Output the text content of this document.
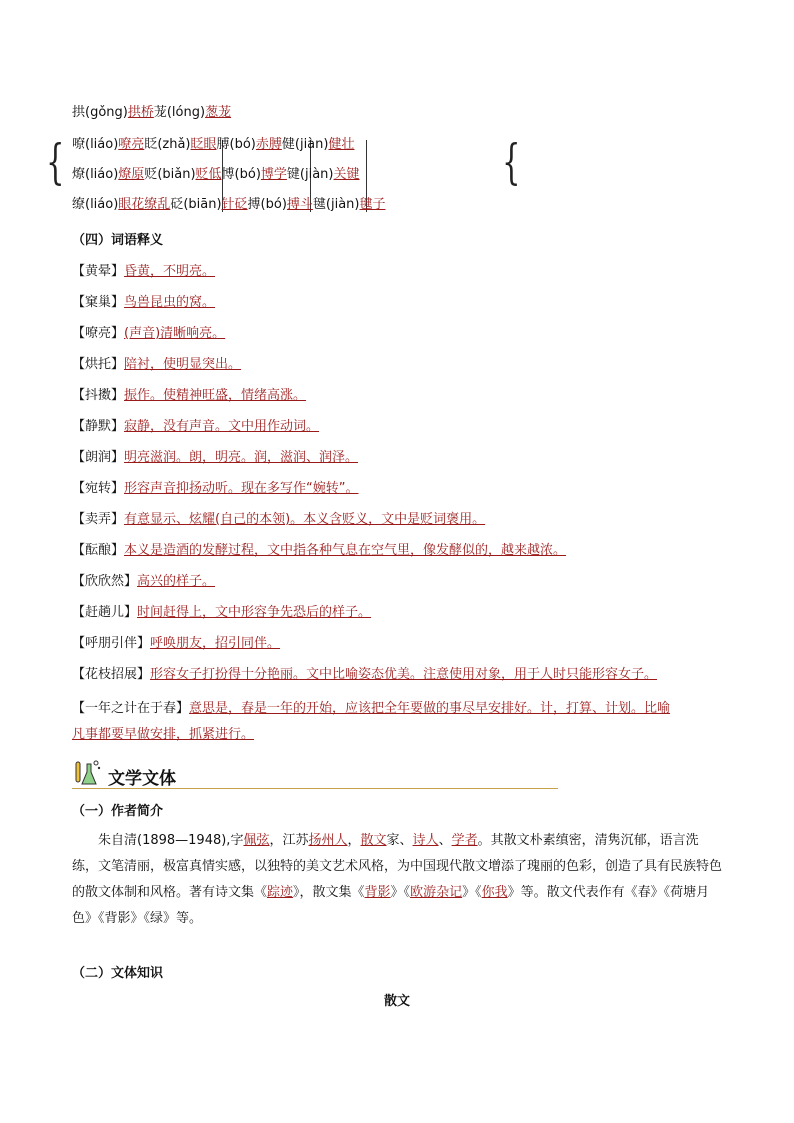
拱(gǒng)拱桥茏(lóng)葱茏
{	{
嘹(liáo)嘹亮眨(zhǎ)眨眼膊(bó)赤膊健(jiàn)健壮
燎(liáo)燎原贬(biǎn)贬低博(bó)博学键(jiàn)关键
缭(liáo)眼花缭乱砭(biān)针砭搏(bó)搏斗毽(jiàn)毽子
（四）词语释义
【黄晕】昏黄，不明亮。
【窠巢】鸟兽昆虫的窝。
【嘹亮】(声音)清晰响亮。
【烘托】陪衬，使明显突出。
【抖擞】振作。使精神旺盛，情绪高涨。
【静默】寂静，没有声音。文中用作动词。
【朗润】明亮滋润。朗，明亮。润，滋润、润泽。
【宛转】形容声音抑扬动听。现在多写作“婉转”。
【卖弄】有意显示、炫耀(自己的本领)。本义含贬义，文中是贬词褒用。
【酝酿】本义是造酒的发酵过程，文中指各种气息在空气里，像发酵似的，越来越浓。
【欣欣然】高兴的样子。
【赶趟儿】时间赶得上，文中形容争先恐后的样子。
【呼朋引伴】呼唤朋友，招引同伴。
【花枝招展】形容女子打扮得十分艳丽。文中比喻姿态优美。注意使用对象，用于人时只能形容女子。
【一年之计在于春】意思是，春是一年的开始，应该把全年要做的事尽早安排好。计，打算、计划。比喻
凡事都要早做安排，抓紧进行。
文学文体
（一）作者简介
朱自清(1898—1948),字佩弦，江苏扬州人，散文家、诗人、学者。其散文朴素缜密，清隽沉郁，语言洗练，文笔清丽，极富真情实感，以独特的美文艺术风格，为中国现代散文增添了瑰丽的色彩，创造了具有民族特色的散文体制和风格。著有诗文集《踪迹》，散文集《背影》《欧游杂记》《你我》等。散文代表作有《春》《荷塘月色》《背影》《绿》等。
（二）文体知识
散文
